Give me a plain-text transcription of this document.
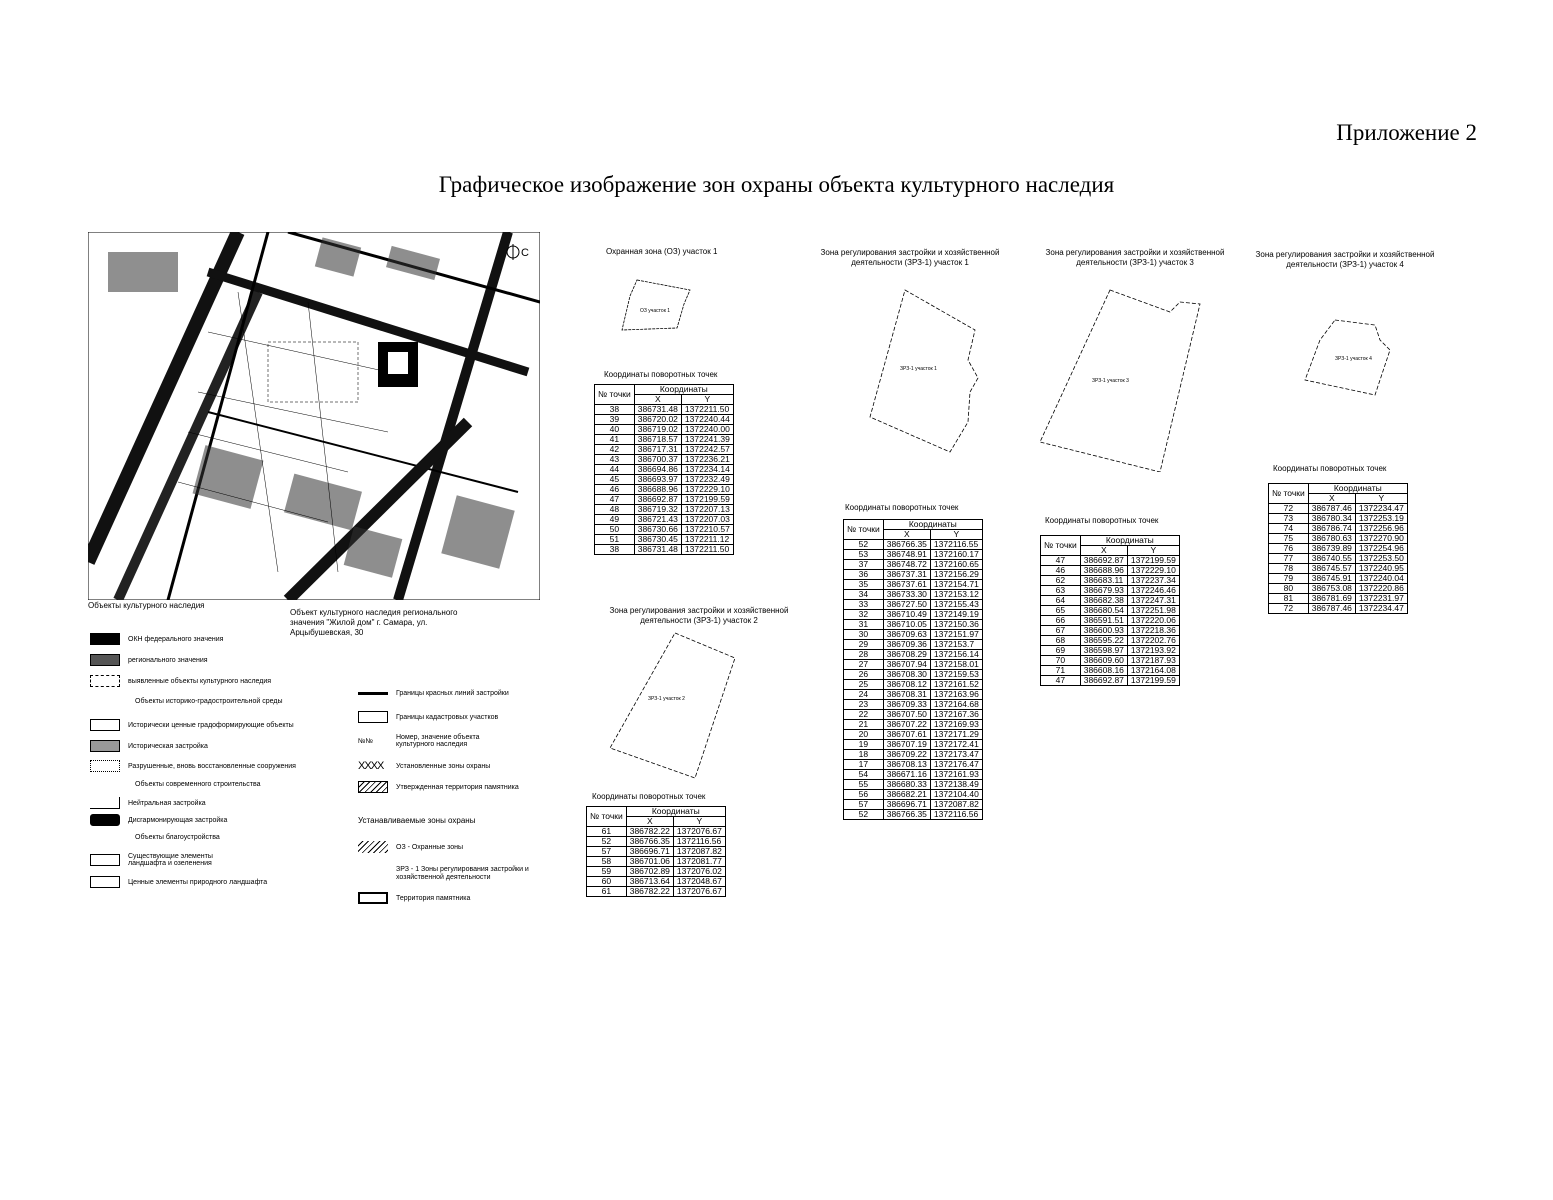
Приложение 2
Графическое изображение зон охраны объекта культурного наследия
С
Объекты культурного наследия
Объект культурного наследия регионального значения "Жилой дом" г. Самара, ул. Арцыбушевская, 30
ОКН федерального значения
регионального значения
выявленные объекты культурного наследия
Объекты историко-градостроительной среды
Исторически ценные градоформирующие объекты
Историческая застройка
Разрушенные, вновь восстановленные сооружения
Объекты современного строительства
Нейтральная застройка
Дисгармонирующая застройка
Объекты благоустройства
Существующие элементы ландшафта и озеленения
Ценные элементы природного ландшафта
Границы красных линий застройки
Границы кадастровых участков
№№	Номер, значение объекта культурного наследия
XXXX	Установленные зоны охраны
Утвержденная территория памятника
Устанавливаемые зоны охраны
ОЗ - Охранные зоны
ЗРЗ - 1 Зоны регулирования застройки и хозяйственной деятельности
Территория памятника
Охранная зона (ОЗ) участок 1
ОЗ участок 1
Координаты поворотных точек
№ точки	Координаты	
	X	Y
38	386731.48	1372211.50
39	386720.02	1372240.44
40	386719.02	1372240.00
41	386718.57	1372241.39
42	386717.31	1372242.57
43	386700.37	1372236.21
44	386694.86	1372234.14
45	386693.97	1372232.49
46	386688.96	1372229.10
47	386692.87	1372199.59
48	386719.32	1372207.13
49	386721.43	1372207.03
50	386730.66	1372210.57
51	386730.45	1372211.12
38	386731.48	1372211.50
Зона регулирования застройки и хозяйственной деятельности (ЗРЗ-1) участок 1
ЗРЗ-1 участок 1
Координаты поворотных точек
№ точки	Координаты	
	X	Y
52	386766.35	1372116.55
53	386748.91	1372160.17
37	386748.72	1372160.65
36	386737.31	1372156.29
35	386737.61	1372154.71
34	386733.30	1372153.12
33	386727.50	1372155.43
32	386710.49	1372149.19
31	386710.05	1372150.36
30	386709.63	1372151.97
29	386709.36	1372153.7
28	386708.29	1372156.14
27	386707.94	1372158.01
26	386708.30	1372159.53
25	386708.12	1372161.52
24	386708.31	1372163.96
23	386709.33	1372164.68
22	386707.50	1372167.36
21	386707.22	1372169.93
20	386707.61	1372171.29
19	386707.19	1372172.41
18	386709.22	1372173.47
17	386708.13	1372176.47
54	386671.16	1372161.93
55	386680.33	1372138.49
56	386682.21	1372104.40
57	386696.71	1372087.82
52	386766.35	1372116.56
Зона регулирования застройки и хозяйственной деятельности (ЗРЗ-1) участок 3
ЗРЗ-1 участок 3
Координаты поворотных точек
№ точки	Координаты	
	X	Y
47	386692.87	1372199.59
46	386688.96	1372229.10
62	386683.11	1372237.34
63	386679.93	1372246.46
64	386682.38	1372247.31
65	386680.54	1372251.98
66	386591.51	1372220.06
67	386600.93	1372218.36
68	386595.22	1372202.76
69	386598.97	1372193.92
70	386609.60	1372187.93
71	386608.16	1372164.08
47	386692.87	1372199.59
Зона регулирования застройки и хозяйственной деятельности (ЗРЗ-1) участок 4
ЗРЗ-1 участок 4
Координаты поворотных точек
№ точки	Координаты	
	X	Y
72	386787.46	1372234.47
73	386780.34	1372253.19
74	386786.74	1372256.96
75	386780.63	1372270.90
76	386739.89	1372254.96
77	386740.55	1372253.50
78	386745.57	1372240.95
79	386745.91	1372240.04
80	386753.08	1372220.86
81	386781.69	1372231.97
72	386787.46	1372234.47
Зона регулирования застройки и хозяйственной деятельности (ЗРЗ-1) участок 2
ЗРЗ-1 участок 2
Координаты поворотных точек
№ точки	Координаты	
	X	Y
61	386782.22	1372076.67
52	386766.35	1372116.56
57	386696.71	1372087.82
58	386701.06	1372081.77
59	386702.89	1372076.02
60	386713.64	1372048.67
61	386782.22	1372076.67
